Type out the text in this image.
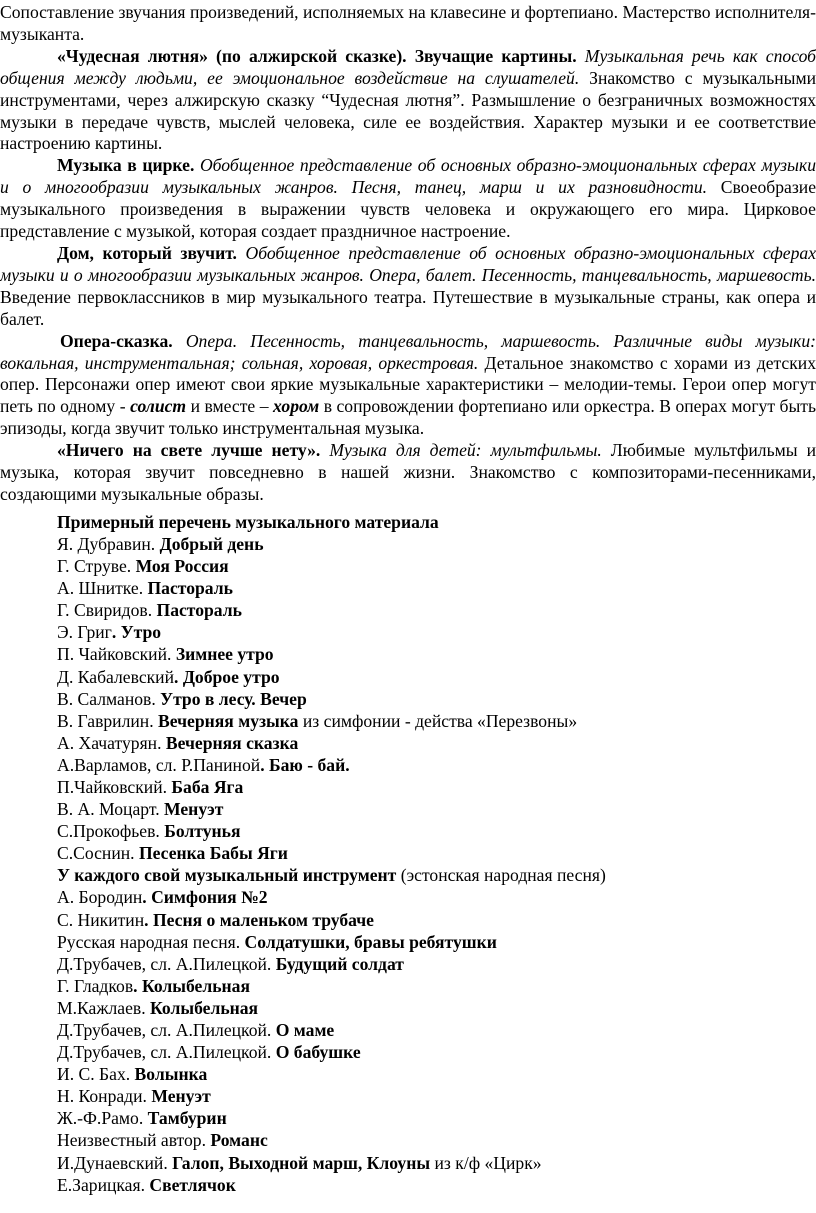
Сопоставление звучания произведений, исполняемых на клавесине и фортепиано. Мастерство исполнителя-музыканта.

«Чудесная лютня» (по алжирской сказке). Звучащие картины. Музыкальная речь как способ общения между людьми, ее эмоциональное воздействие на слушателей. Знакомство с музыкальными инструментами, через алжирскую сказку “Чудесная лютня”. Размышление о безграничных возможностях музыки в передаче чувств, мыслей человека, силе ее воздействия. Характер музыки и ее соответствие настроению картины.

Музыка в цирке. Обобщенное представление об основных образно-эмоциональных сферах музыки и о многообразии музыкальных жанров. Песня, танец, марш и их разновидности. Своеобразие музыкального произведения в выражении чувств человека и окружающего его мира. Цирковое представление с музыкой, которая создает праздничное настроение.

Дом, который звучит. Обобщенное представление об основных образно-эмоциональных сферах музыки и о многообразии музыкальных жанров. Опера, балет. Песенность, танцевальность, маршевость. Введение первоклассников в мир музыкального театра. Путешествие в музыкальные страны, как опера и балет.

Опера-сказка. Опера. Песенность, танцевальность, маршевость. Различные виды музыки: вокальная, инструментальная; сольная, хоровая, оркестровая. Детальное знакомство с хорами из детских опер. Персонажи опер имеют свои яркие музыкальные характеристики – мелодии-темы. Герои опер могут петь по одному - солист и вместе – хором в сопровождении фортепиано или оркестра. В операх могут быть эпизоды, когда звучит только инструментальная музыка.

«Ничего на свете лучше нету». Музыка для детей: мультфильмы. Любимые мультфильмы и музыка, которая звучит повседневно в нашей жизни. Знакомство с композиторами-песенниками, создающими музыкальные образы.

Примерный перечень музыкального материала
Я. Дубравин. Добрый день
Г. Струве. Моя Россия
А. Шнитке. Пастораль
Г. Свиридов. Пастораль
Э. Григ. Утро
П. Чайковский. Зимнее утро
Д. Кабалевский. Доброе утро
В. Салманов. Утро в лесу. Вечер
В. Гаврилин. Вечерняя музыка из симфонии - действа «Перезвоны»
А. Хачатурян. Вечерняя сказка
А.Варламов, сл. Р.Паниной. Баю - бай.
П.Чайковский. Баба Яга
В. А. Моцарт. Менуэт
С.Прокофьев. Болтунья
С.Соснин. Песенка Бабы Яги
У каждого свой музыкальный инструмент (эстонская народная песня)
А. Бородин. Симфония №2
С. Никитин. Песня о маленьком трубаче
Русская народная песня. Солдатушки, бравы ребятушки
Д.Трубачев, сл. А.Пилецкой. Будущий солдат
Г. Гладков. Колыбельная
М.Кажлаев. Колыбельная
Д.Трубачев, сл. А.Пилецкой. О маме
Д.Трубачев, сл. А.Пилецкой. О бабушке
И. С. Бах. Волынка
Н. Конради. Менуэт
Ж.-Ф.Рамо. Тамбурин
Неизвестный автор. Романс
И.Дунаевский. Галоп, Выходной марш, Клоуны из к/ф «Цирк»
Е.Зарицкая. Светлячок
